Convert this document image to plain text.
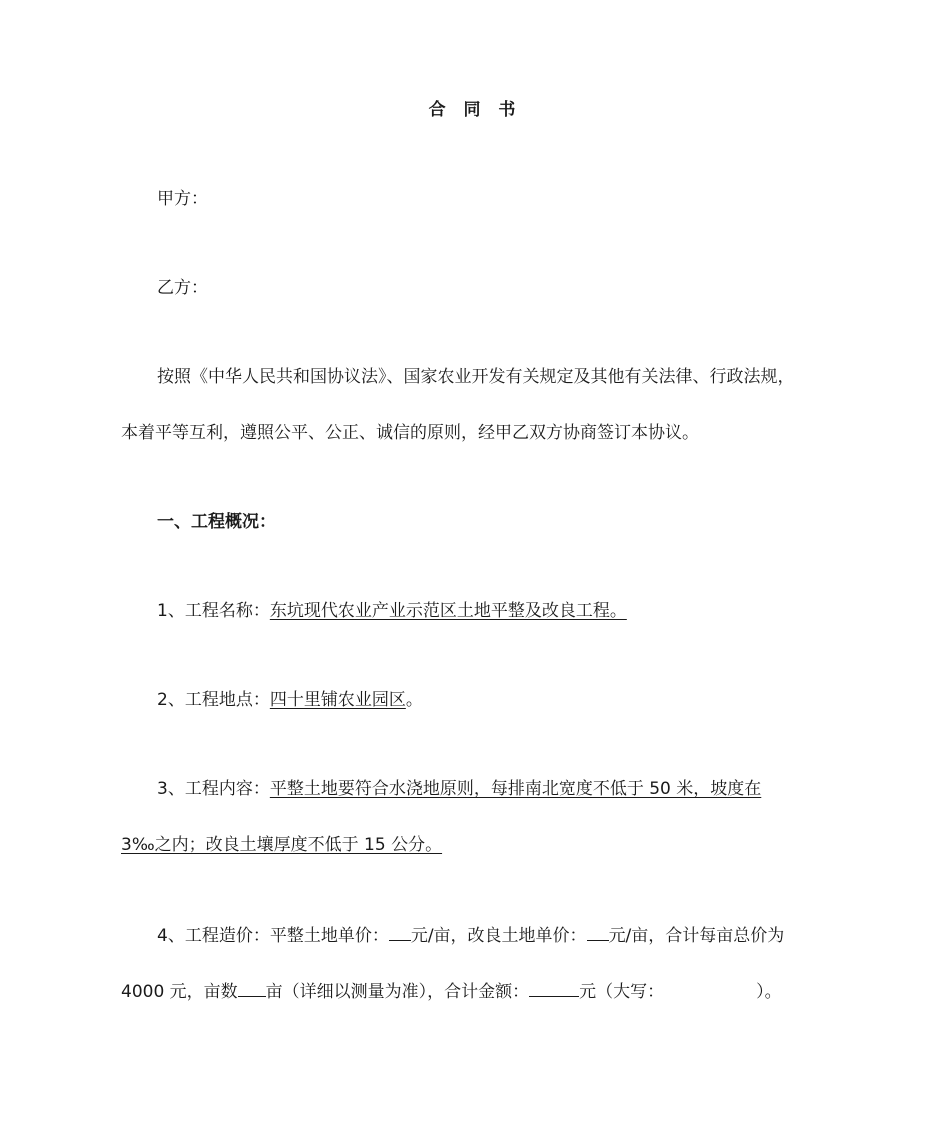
合 同 书
甲方：
乙方：
按照《中华人民共和国协议法》、国家农业开发有关规定及其他有关法律、行政法规，
本着平等互利，遵照公平、公正、诚信的原则，经甲乙双方协商签订本协议。
一、工程概况：
1、工程名称：东坑现代农业产业示范区土地平整及改良工程。
2、工程地点：四十里铺农业园区。
3、工程内容：平整土地要符合水浇地原则，每排南北宽度不低于 50 米，坡度在
3‰之内；改良土壤厚度不低于 15 公分。
4、工程造价：平整土地单价： 元/亩，改良土地单价： 元/亩，合计每亩总价为
4000 元，亩数 亩（详细以测量为准），合计金额：	元（大写：	）。
